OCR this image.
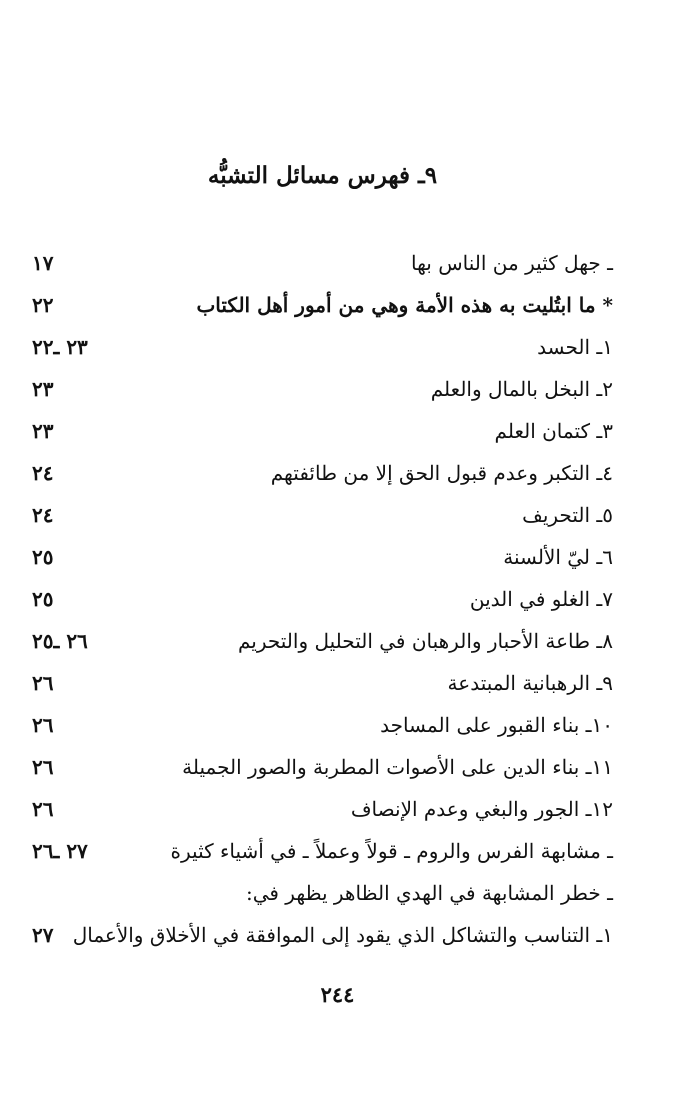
٩ـ فهرس مسائل التشبُّه
ـ جهل كثير من الناس بها
١٧
* ما ابتُليت به هذه الأمة وهي من أمور أهل الكتاب
٢٢
١ـ الحسد
٢٣ ـ٢٢
٢ـ البخل بالمال والعلم
٢٣
٣ـ كتمان العلم
٢٣
٤ـ التكبر وعدم قبول الحق إلا من طائفتهم
٢٤
٥ـ التحريف
٢٤
٦ـ ليّ الألسنة
٢٥
٧ـ الغلو في الدين
٢٥
٨ـ طاعة الأحبار والرهبان في التحليل والتحريم
٢٦ ـ٢٥
٩ـ الرهبانية المبتدعة
٢٦
١٠ـ بناء القبور على المساجد
٢٦
١١ـ بناء الدين على الأصوات المطربة والصور الجميلة
٢٦
١٢ـ الجور والبغي وعدم الإنصاف
٢٦
ـ مشابهة الفرس والروم ـ قولاً وعملاً ـ في أشياء كثيرة
٢٧ ـ٢٦
ـ خطر المشابهة في الهدي الظاهر يظهر في:
١ـ التناسب والتشاكل الذي يقود إلى الموافقة في الأخلاق والأعمال
٢٧
٢٤٤
